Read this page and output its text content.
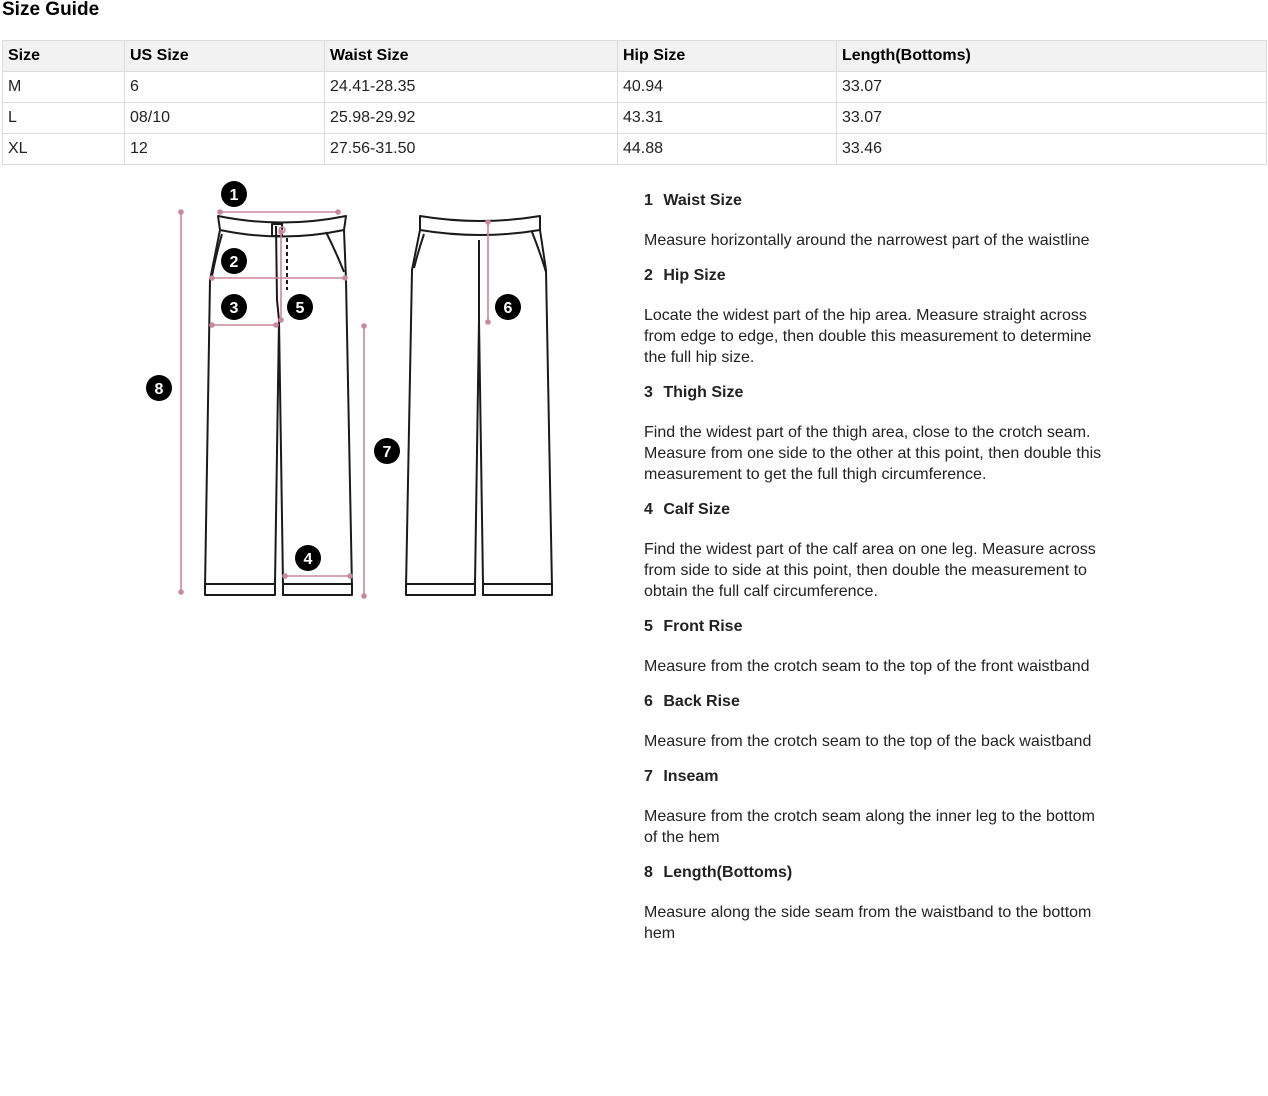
Size Guide
Size	US Size	Waist Size	Hip Size	Length(Bottoms)
M	6	24.41-28.35	40.94	33.07
L	08/10	25.98-29.92	43.31	33.07
XL	12	27.56-31.50	44.88	33.46
1
2
3
4
5	6
7
8

1 Waist Size

Measure horizontally around the narrowest part of the waistline

2 Hip Size

Locate the widest part of the hip area. Measure straight across from edge to edge, then double this measurement to determine the full hip size.

3 Thigh Size

Find the widest part of the thigh area, close to the crotch seam. Measure from one side to the other at this point, then double this measurement to get the full thigh circumference.

4 Calf Size

Find the widest part of the calf area on one leg. Measure across from side to side at this point, then double the measurement to obtain the full calf circumference.

5 Front Rise

Measure from the crotch seam to the top of the front waistband

6 Back Rise

Measure from the crotch seam to the top of the back waistband

7 Inseam

Measure from the crotch seam along the inner leg to the bottom of the hem

8 Length(Bottoms)

Measure along the side seam from the waistband to the bottom hem
